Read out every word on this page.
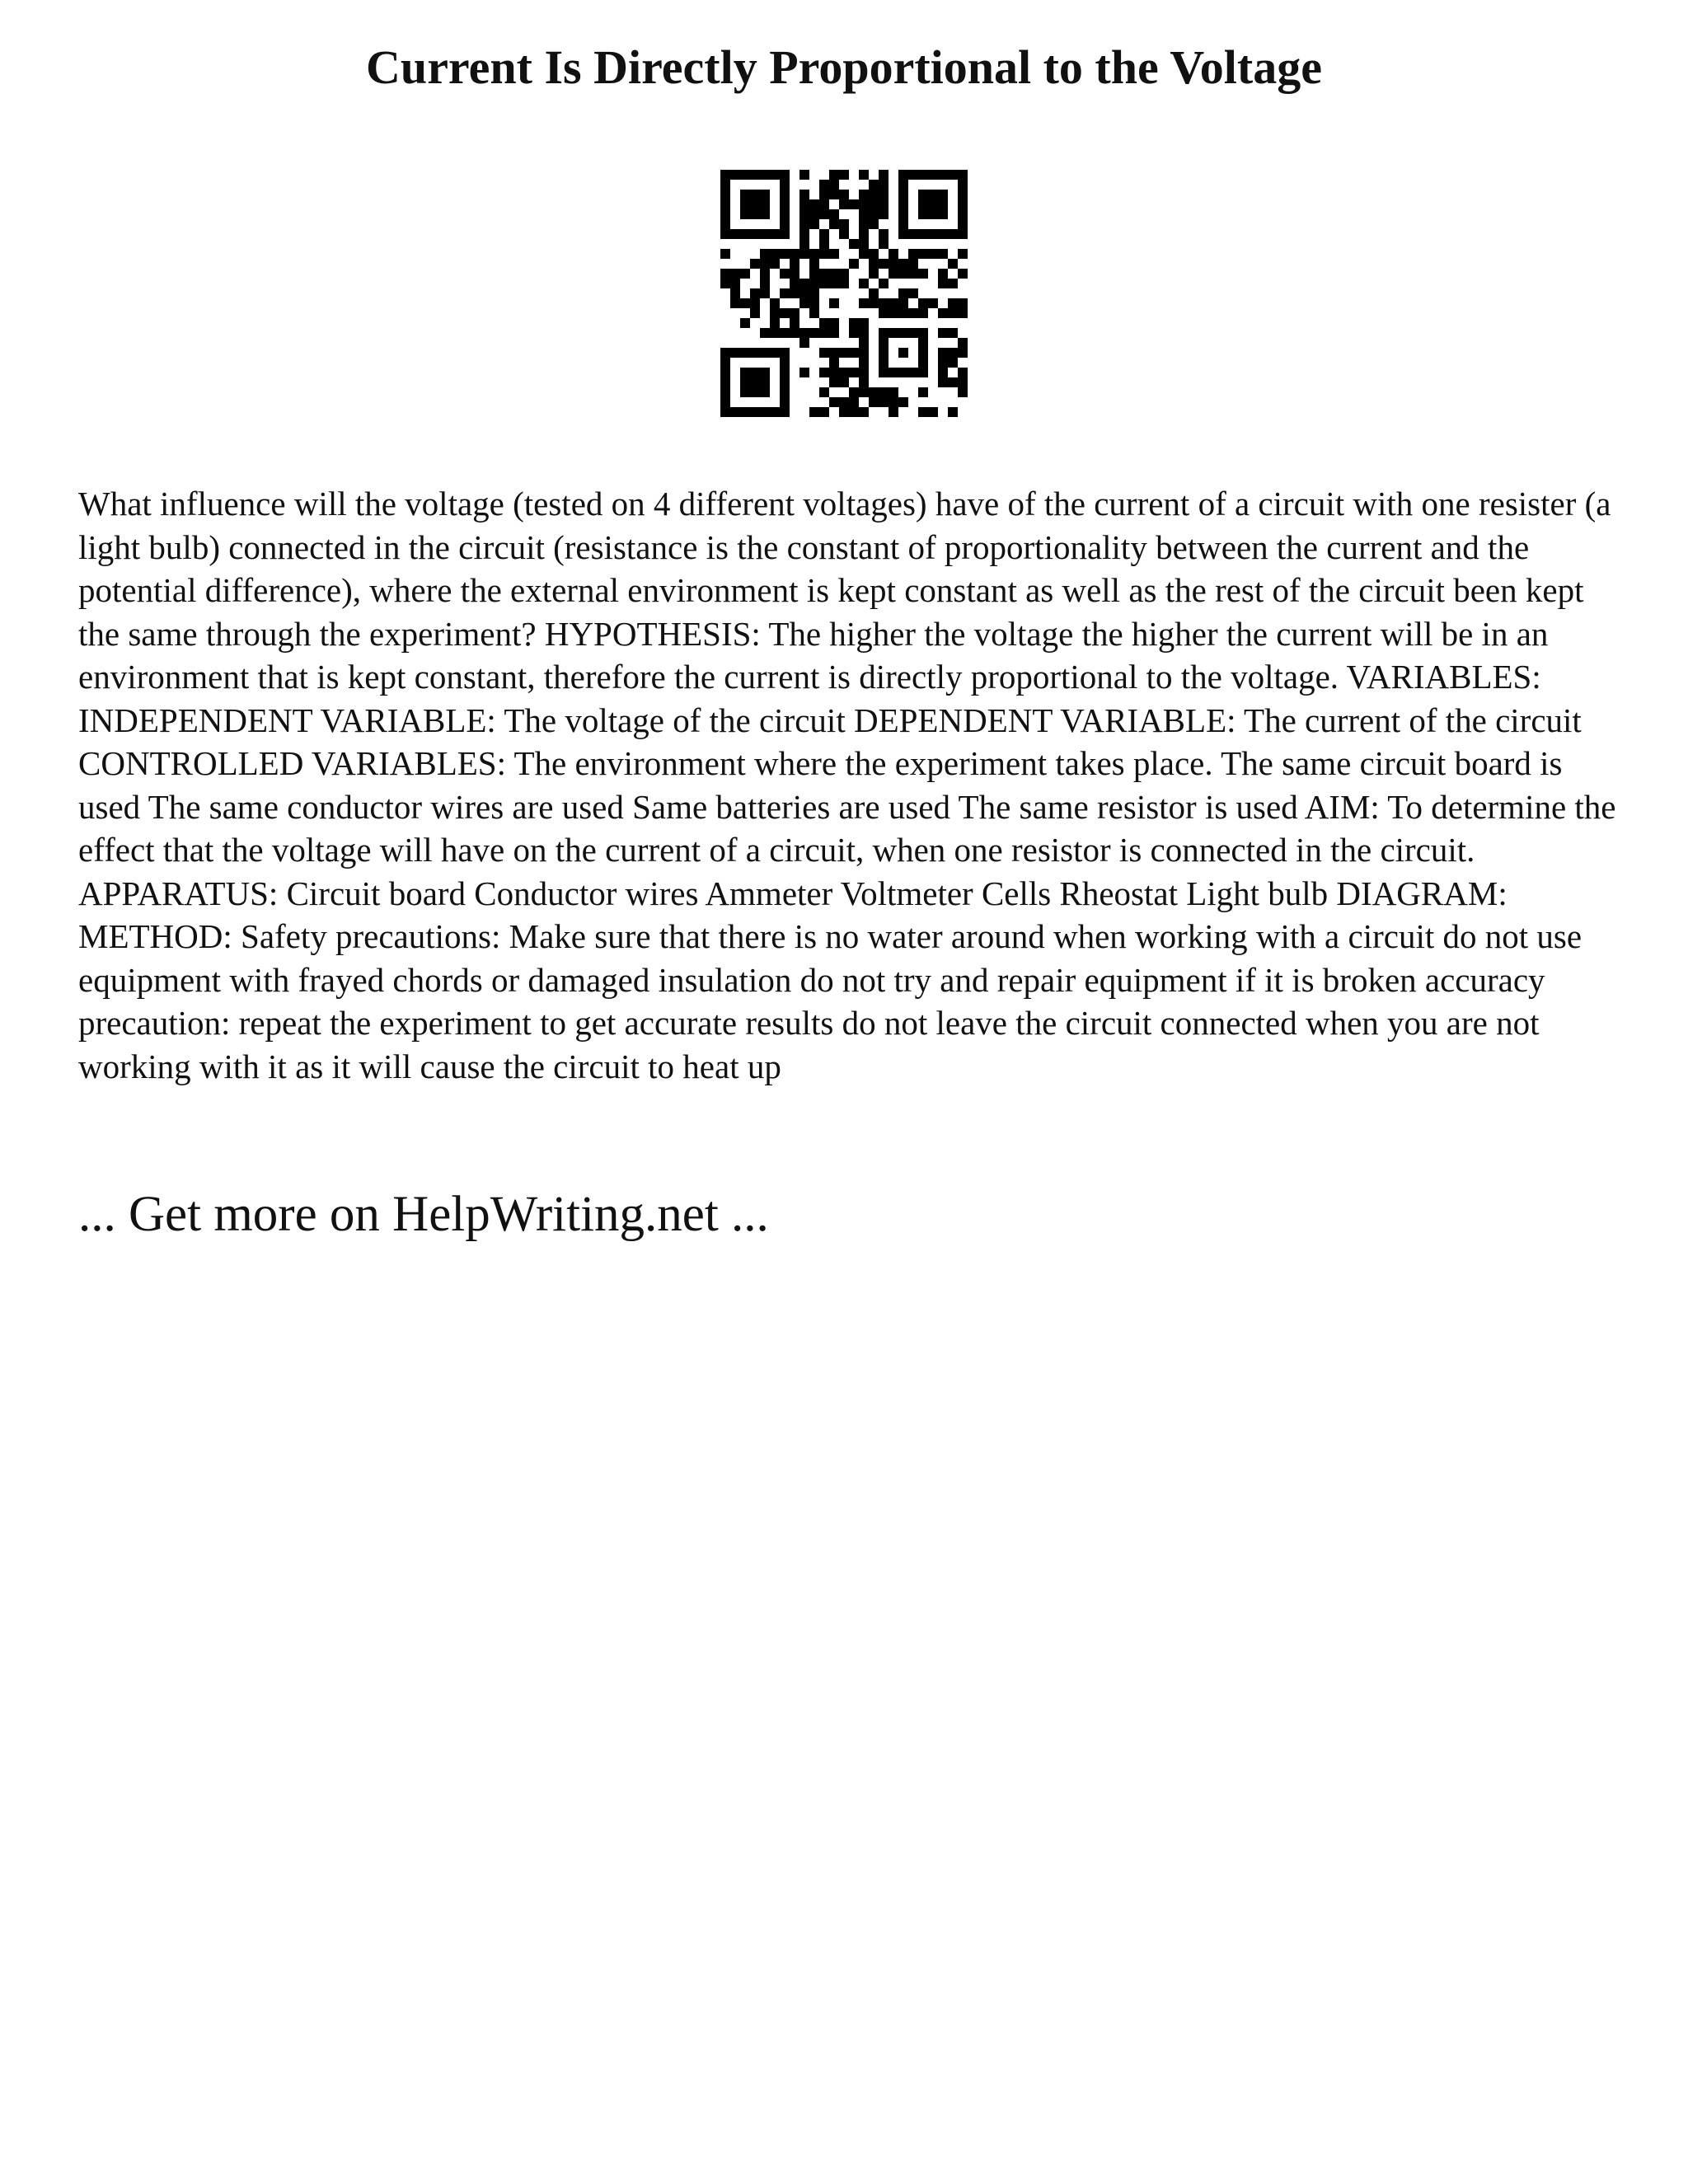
Current Is Directly Proportional to the Voltage

What influence will the voltage (tested on 4 different voltages) have of the current of a circuit with one resister (a light bulb) connected in the circuit (resistance is the constant of proportionality between the current and the potential difference), where the external environment is kept constant as well as the rest of the circuit been kept the same through the experiment? HYPOTHESIS: The higher the voltage the higher the current will be in an environment that is kept constant, therefore the current is directly proportional to the voltage. VARIABLES: INDEPENDENT VARIABLE: The voltage of the circuit DEPENDENT VARIABLE: The current of the circuit CONTROLLED VARIABLES: The environment where the experiment takes place. The same circuit board is used The same conductor wires are used Same batteries are used The same resistor is used AIM: To determine the effect that the voltage will have on the current of a circuit, when one resistor is connected in the circuit. APPARATUS: Circuit board Conductor wires Ammeter Voltmeter Cells Rheostat Light bulb DIAGRAM: METHOD: Safety precautions: Make sure that there is no water around when working with a circuit do not use equipment with frayed chords or damaged insulation do not try and repair equipment if it is broken accuracy precaution: repeat the experiment to get accurate results do not leave the circuit connected when you are not working with it as it will cause the circuit to heat up

... Get more on HelpWriting.net ...
